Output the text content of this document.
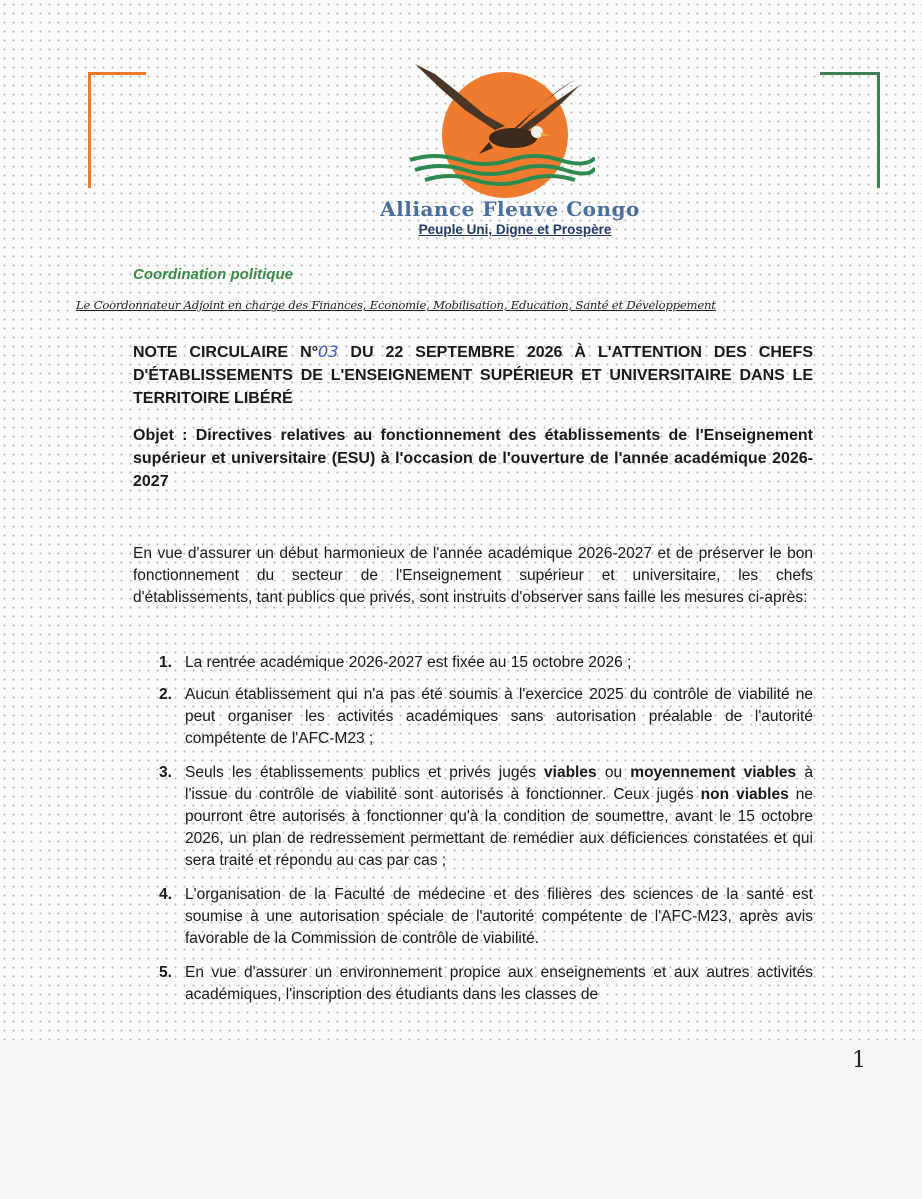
Alliance Fleuve Congo
Peuple Uni, Digne et Prospère
Coordination politique
Le Coordonnateur Adjoint en charge des Finances, Economie, Mobilisation, Education, Santé et Développement
NOTE CIRCULAIRE N°03 DU 22 SEPTEMBRE 2026 À L'ATTENTION DES CHEFS D'ÉTABLISSEMENTS DE L'ENSEIGNEMENT SUPÉRIEUR ET UNIVERSITAIRE DANS LE TERRITOIRE LIBÉRÉ
Objet : Directives relatives au fonctionnement des établissements de l'Enseignement supérieur et universitaire (ESU) à l'occasion de l'ouverture de l'année académique 2026-2027
En vue d'assurer un début harmonieux de l'année académique 2026-2027 et de préserver le bon fonctionnement du secteur de l'Enseignement supérieur et universitaire, les chefs d'établissements, tant publics que privés, sont instruits d'observer sans faille les mesures ci-après:
1. La rentrée académique 2026-2027 est fixée au 15 octobre 2026 ;
2. Aucun établissement qui n'a pas été soumis à l'exercice 2025 du contrôle de viabilité ne peut organiser les activités académiques sans autorisation préalable de l'autorité compétente de l'AFC-M23 ;
3. Seuls les établissements publics et privés jugés viables ou moyennement viables à l'issue du contrôle de viabilité sont autorisés à fonctionner. Ceux jugés non viables ne pourront être autorisés à fonctionner qu'à la condition de soumettre, avant le 15 octobre 2026, un plan de redressement permettant de remédier aux déficiences constatées et qui sera traité et répondu au cas par cas ;
4. L'organisation de la Faculté de médecine et des filières des sciences de la santé est soumise à une autorisation spéciale de l'autorité compétente de l'AFC-M23, après avis favorable de la Commission de contrôle de viabilité.
5. En vue d'assurer un environnement propice aux enseignements et aux autres activités académiques, l'inscription des étudiants dans les classes de
1
